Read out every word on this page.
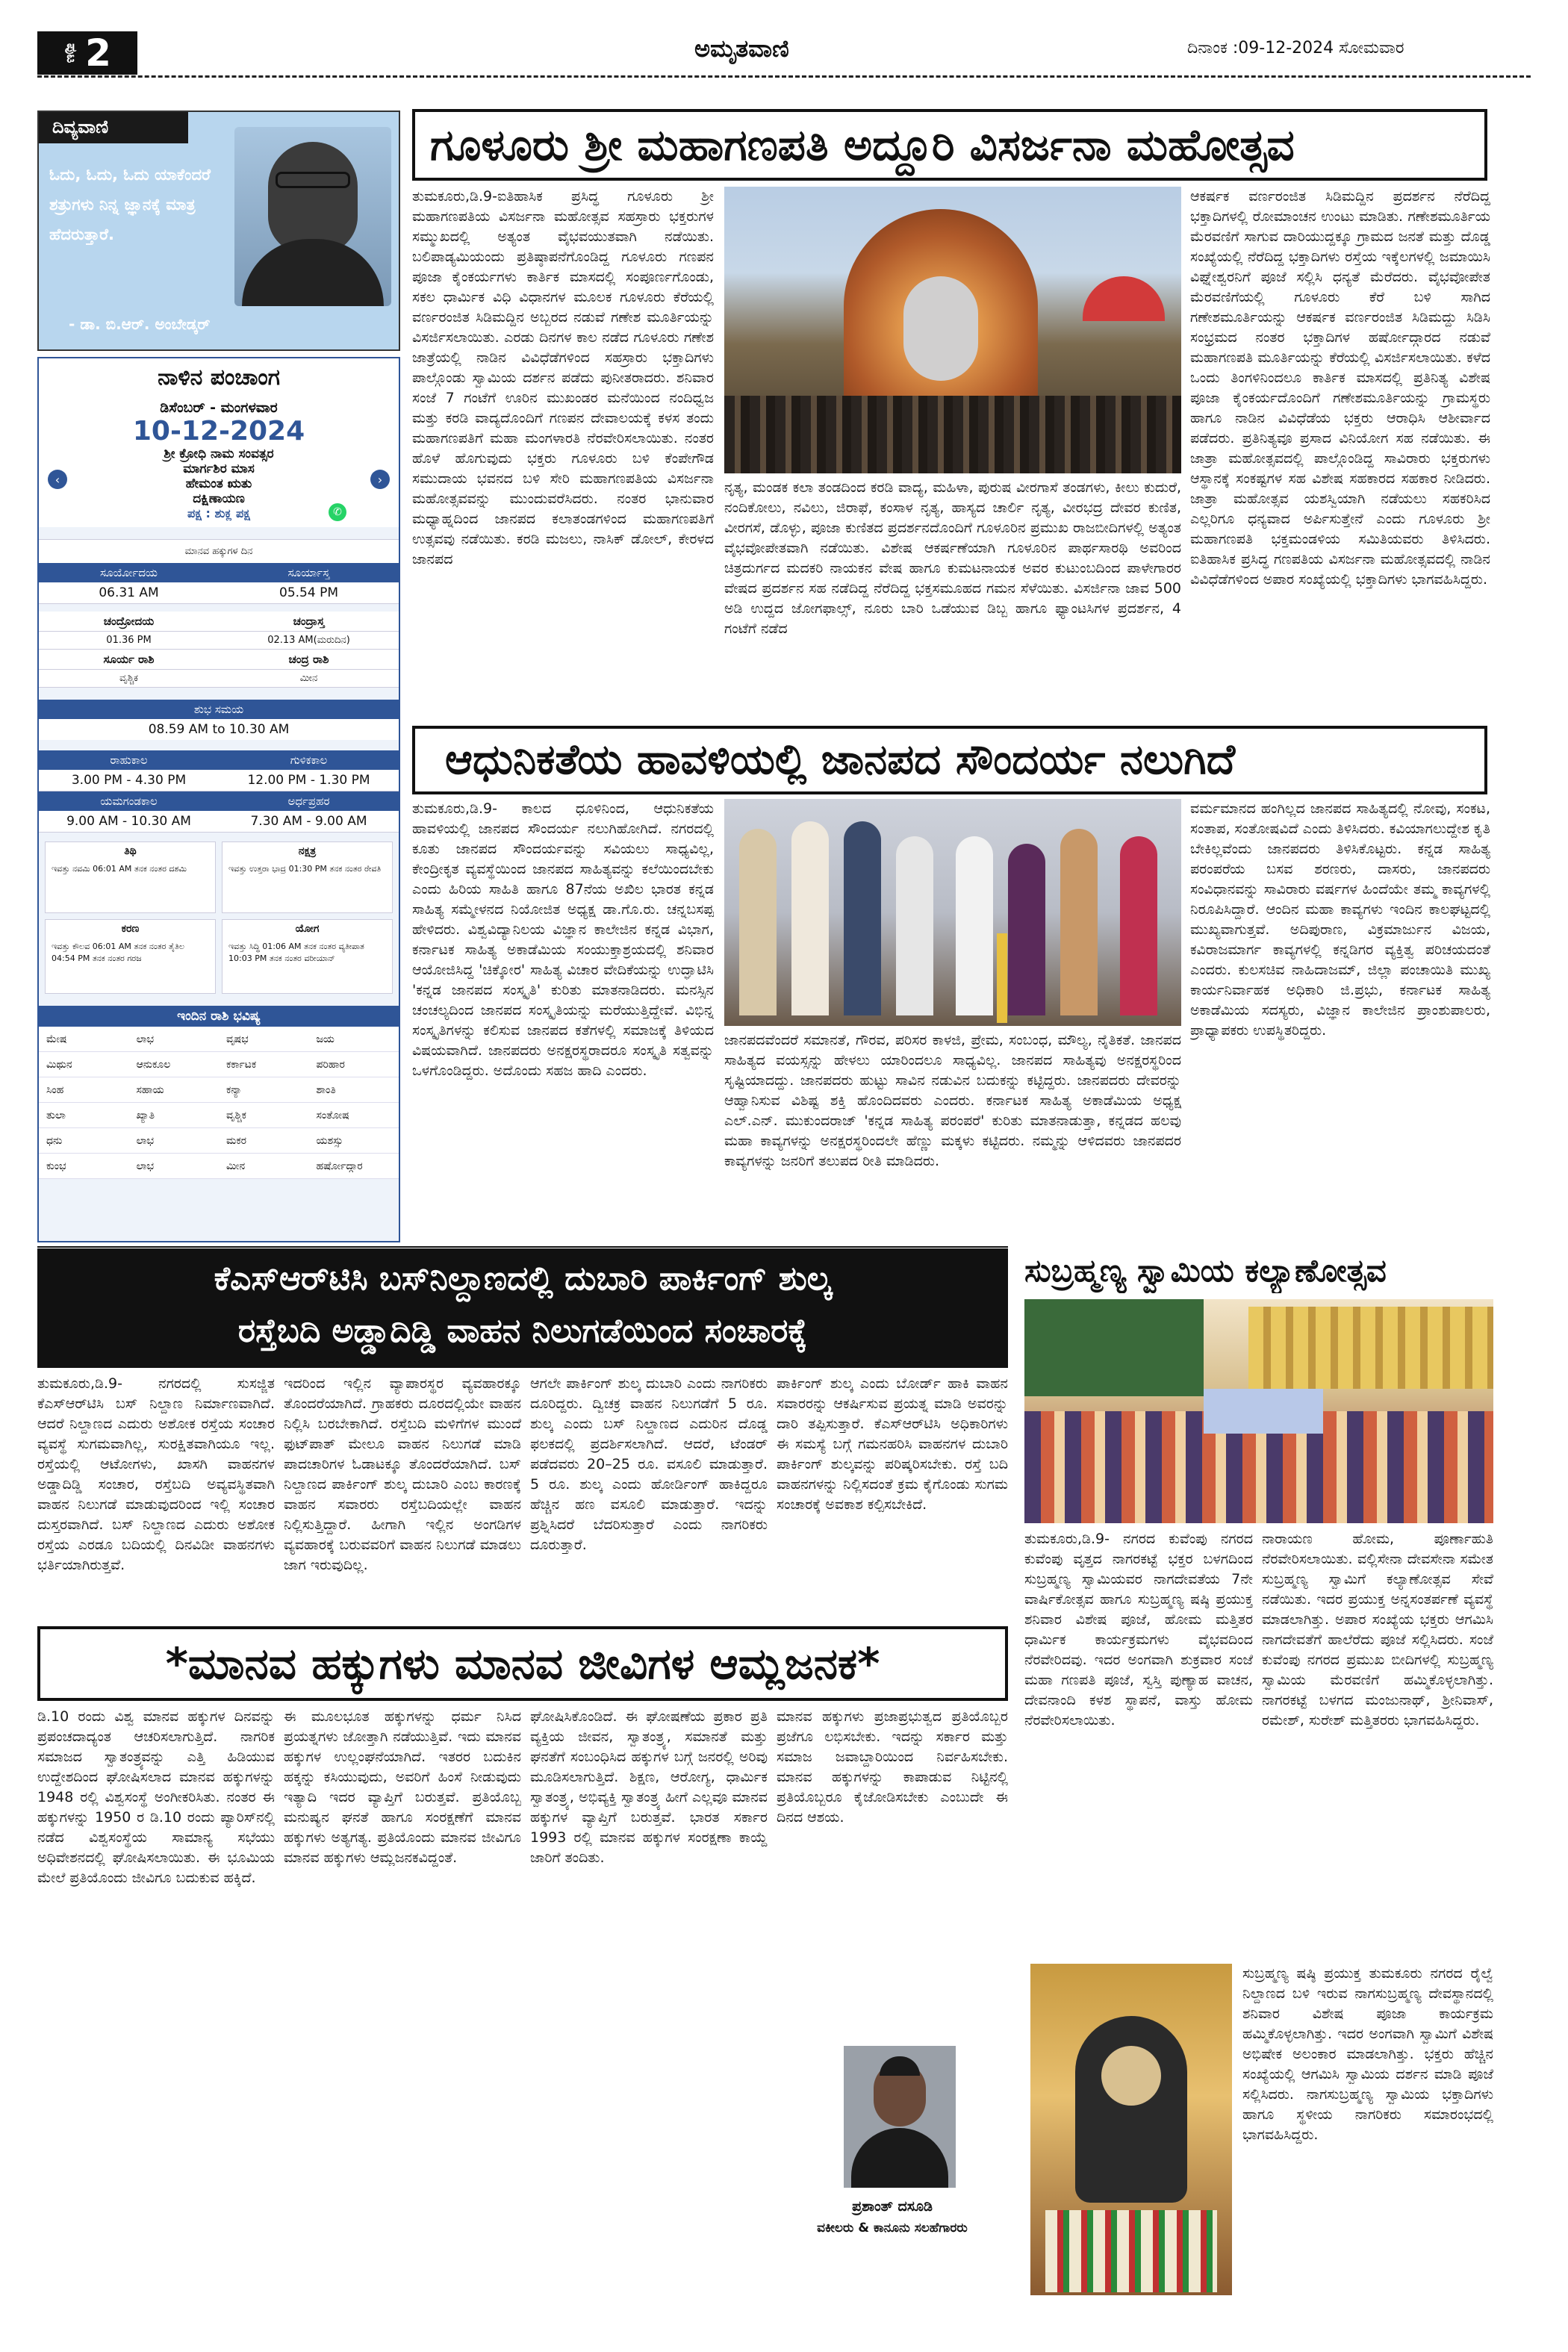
ಪುಟ 2	ಅಮೃತವಾಣಿ	ದಿನಾಂಕ :09-12-2024 ಸೋಮವಾರ
ದಿವ್ಯವಾಣಿ
ಓದು, ಓದು, ಓದು ಯಾಕೆಂದರೆ ಶತ್ರುಗಳು ನಿನ್ನ ಜ್ಞಾನಕ್ಕೆ ಮಾತ್ರ ಹೆದರುತ್ತಾರೆ.
- ಡಾ. ಬಿ.ಆರ್. ಅಂಬೇಡ್ಕರ್
ನಾಳಿನ ಪಂಚಾಂಗ
ಡಿಸೆಂಬರ್ - ಮಂಗಳವಾರ
10-12-2024
‹	›
ಶ್ರೀ ಕ್ರೋಧಿ ನಾಮ ಸಂವತ್ಸರ
ಮಾರ್ಗಶಿರ ಮಾಸ
ಹೇಮಂತ ಋತು
ದಕ್ಷಿಣಾಯಣ
ಪಕ್ಷ : ಶುಕ್ಲ ಪಕ್ಷ	✆
ಮಾನವ ಹಕ್ಕುಗಳ ದಿನ
ಸೂರ್ಯೋದಯ	ಸೂರ್ಯಾಸ್ತ
06.31 AM	05.54 PM
ಚಂದ್ರೋದಯ	ಚಂದ್ರಾಸ್ತ
01.36 PM	02.13 AM(ಮರುದಿನ)
ಸೂರ್ಯ ರಾಶಿ	ಚಂದ್ರ ರಾಶಿ
ವೃಶ್ಚಿಕ	ಮೀನ
ಶುಭ ಸಮಯ
08.59 AM to 10.30 AM
ರಾಹುಕಾಲ	ಗುಳಿಕಕಾಲ
3.00 PM - 4.30 PM	12.00 PM - 1.30 PM
ಯಮಗಂಡಕಾಲ	ಅರ್ಧಪ್ರಹರ
9.00 AM - 10.30 AM	7.30 AM - 9.00 AM
ತಿಥಿ
ಇವತ್ತು ನವಮಿ 06:01 AM ತನಕ ನಂತರ ದಶಮಿ
ನಕ್ಷತ್ರ
ಇವತ್ತು ಉತ್ತರಾ ಭಾದ್ರ 01:30 PM ತನಕ ನಂತರ ರೇವತಿ
ಕರಣ
ಇವತ್ತು ಕೌಲವ 06:01 AM ತನಕ ನಂತರ ತೈತಿಲ 04:54 PM ತನಕ ನಂತರ ಗರಜ
ಯೋಗ
ಇವತ್ತು ಸಿದ್ಧಿ 01:06 AM ತನಕ ನಂತರ ವ್ಯತೀಪಾತ 10:03 PM ತನಕ ನಂತರ ವರೀಯಾನ್
ಇಂದಿನ ರಾಶಿ ಭವಿಷ್ಯ
ಮೇಷ	ಲಾಭ	ವೃಷಭ	ಜಯ
ಮಿಥುನ	ಆನುಕೂಲ	ಕರ್ಕಾಟಕ	ಪರಿಹಾರ
ಸಿಂಹ	ಸಹಾಯ	ಕನ್ಯಾ	ಶಾಂತಿ
ತುಲಾ	ಖ್ಯಾತಿ	ವೃಶ್ಚಿಕ	ಸಂತೋಷ
ಧನು	ಲಾಭ	ಮಕರ	ಯಶಸ್ಸು
ಕುಂಭ	ಲಾಭ	ಮೀನ	ಹರ್ಷೋದ್ಗಾರ
ಗೂಳೂರು ಶ್ರೀ ಮಹಾಗಣಪತಿ ಅದ್ದೂರಿ ವಿಸರ್ಜನಾ ಮಹೋತ್ಸವ
ತುಮಕೂರು,ಡಿ.9-ಐತಿಹಾಸಿಕ ಪ್ರಸಿದ್ಧ ಗೂಳೂರು ಶ್ರೀ ಮಹಾಗಣಪತಿಯ ವಿಸರ್ಜನಾ ಮಹೋತ್ಸವ ಸಹಸ್ರಾರು ಭಕ್ತರುಗಳ ಸಮ್ಮುಖದಲ್ಲಿ ಅತ್ಯಂತ ವೈಭವಯುತವಾಗಿ ನಡೆಯಿತು. ಬಲಿಪಾಡ್ಯಮಿಯಂದು ಪ್ರತಿಷ್ಠಾಪನೆಗೊಂಡಿದ್ದ ಗೂಳೂರು ಗಣಪನ ಪೂಜಾ ಕೈಂಕರ್ಯಗಳು ಕಾರ್ತಿಕ ಮಾಸದಲ್ಲಿ ಸಂಪೂರ್ಣಗೊಂಡು, ಸಕಲ ಧಾರ್ಮಿಕ ವಿಧಿ ವಿಧಾನಗಳ ಮೂಲಕ ಗೂಳೂರು ಕೆರೆಯಲ್ಲಿ ವರ್ಣರಂಜಿತ ಸಿಡಿಮದ್ದಿನ ಅಬ್ಬರದ ನಡುವೆ ಗಣೇಶ ಮೂರ್ತಿಯನ್ನು ವಿಸರ್ಜಿಸಲಾಯಿತು. ಎರಡು ದಿನಗಳ ಕಾಲ ನಡೆದ ಗೂಳೂರು ಗಣೇಶ ಜಾತ್ರೆಯಲ್ಲಿ ನಾಡಿನ ವಿವಿಧೆಡೆಗಳಿಂದ ಸಹಸ್ರಾರು ಭಕ್ತಾದಿಗಳು ಪಾಲ್ಗೊಂಡು ಸ್ವಾಮಿಯ ದರ್ಶನ ಪಡೆದು ಪುನೀತರಾದರು. ಶನಿವಾರ ಸಂಜೆ 7 ಗಂಟೆಗೆ ಊರಿನ ಮುಖಂಡರ ಮನೆಯಿಂದ ನಂದಿಧ್ವಜ ಮತ್ತು ಕರಡಿ ವಾದ್ಯದೊಂದಿಗೆ ಗಣಪನ ದೇವಾಲಯಕ್ಕೆ ಕಳಸ ತಂದು ಮಹಾಗಣಪತಿಗೆ ಮಹಾ ಮಂಗಳಾರತಿ ನೆರವೇರಿಸಲಾಯಿತು. ನಂತರ ಹೊಳೆ ಹೊಗುವುದು ಭಕ್ತರು ಗೂಳೂರು ಬಳಿ ಕೆಂಪೇಗೌಡ ಸಮುದಾಯ ಭವನದ ಬಳಿ ಸೇರಿ ಮಹಾಗಣಪತಿಯ ವಿಸರ್ಜನಾ ಮಹೋತ್ಸವವನ್ನು ಮುಂದುವರೆಸಿದರು. ನಂತರ ಭಾನುವಾರ ಮಧ್ಯಾಹ್ನದಿಂದ ಜಾನಪದ ಕಲಾತಂಡಗಳಿಂದ ಮಹಾಗಣಪತಿಗೆ ಉತ್ಸವವು ನಡೆಯಿತು. ಕರಡಿ ಮಜಲು, ನಾಸಿಕ್ ಡೋಲ್, ಕೇರಳದ ಜಾನಪದ
ನೃತ್ಯ, ಮಂಡಕ ಕಲಾ ತಂಡದಿಂದ ಕರಡಿ ವಾದ್ಯ, ಮಹಿಳಾ, ಪುರುಷ ವೀರಗಾಸೆ ತಂಡಗಳು, ಕೀಲು ಕುದುರೆ, ನಂದಿಕೋಲು, ನವಿಲು, ಜಿರಾಫೆ, ಕಂಸಾಳ ನೃತ್ಯ, ಹಾಸ್ಯದ ಚಾರ್ಲಿ ನೃತ್ಯ, ವೀರಭದ್ರ ದೇವರ ಕುಣಿತ, ವೀರಗಸೆ, ಡೊಳ್ಳು, ಪೂಜಾ ಕುಣಿತದ ಪ್ರದರ್ಶನದೊಂದಿಗೆ ಗೂಳೂರಿನ ಪ್ರಮುಖ ರಾಜಬೀದಿಗಳಲ್ಲಿ ಅತ್ಯಂತ ವೈಭವೋಪೇತವಾಗಿ ನಡೆಯಿತು. ವಿಶೇಷ ಆಕರ್ಷಣೆಯಾಗಿ ಗೂಳೂರಿನ ಪಾರ್ಥಸಾರಥಿ ಅವರಿಂದ ಚಿತ್ರದುರ್ಗದ ಮದಕರಿ ನಾಯಕನ ವೇಷ ಹಾಗೂ ಕುಮಟನಾಯಕ ಅವರ ಕುಟುಂಬದಿಂದ ಪಾಳೇಗಾರರ ವೇಷದ ಪ್ರದರ್ಶನ ಸಹ ನಡೆದಿದ್ದ ನೆರೆದಿದ್ದ ಭಕ್ತಸಮೂಹದ ಗಮನ ಸೆಳೆಯಿತು. ವಿಸರ್ಜಿನಾ ಜಾವ 500 ಅಡಿ ಉದ್ದದ ಜೋಗಫಾಲ್ಸ್, ನೂರು ಬಾರಿ ಒಡೆಯುವ ಡಿಬ್ಬ ಹಾಗೂ ಫ್ಯಾಂಟಸಿಗಳ ಪ್ರದರ್ಶನ, 4 ಗಂಟೆಗೆ ನಡೆದ
ಆಕರ್ಷಕ ವರ್ಣರಂಜಿತ ಸಿಡಿಮದ್ದಿನ ಪ್ರದರ್ಶನ ನೆರೆದಿದ್ದ ಭಕ್ತಾದಿಗಳಲ್ಲಿ ರೋಮಾಂಚನ ಉಂಟು ಮಾಡಿತು. ಗಣೇಶಮೂರ್ತಿಯ ಮೆರವಣಿಗೆ ಸಾಗುವ ದಾರಿಯುದ್ದಕ್ಕೂ ಗ್ರಾಮದ ಜನತೆ ಮತ್ತು ದೊಡ್ಡ ಸಂಖ್ಯೆಯಲ್ಲಿ ನೆರೆದಿದ್ದ ಭಕ್ತಾದಿಗಳು ರಸ್ತೆಯ ಇಕ್ಕೆಲಗಳಲ್ಲಿ ಜಮಾಯಿಸಿ ವಿಘ್ನೇಶ್ವರನಿಗೆ ಪೂಜೆ ಸಲ್ಲಿಸಿ ಧನ್ಯತೆ ಮೆರೆದರು. ವೈಭವೋಪೇತ ಮೆರವಣಿಗೆಯಲ್ಲಿ ಗೂಳೂರು ಕೆರೆ ಬಳಿ ಸಾಗಿದ ಗಣೇಶಮೂರ್ತಿಯನ್ನು ಆಕರ್ಷಕ ವರ್ಣರಂಜಿತ ಸಿಡಿಮದ್ದು ಸಿಡಿಸಿ ಸಂಭ್ರಮದ ನಂತರ ಭಕ್ತಾದಿಗಳ ಹರ್ಷೋದ್ಗಾರದ ನಡುವೆ ಮಹಾಗಣಪತಿ ಮೂರ್ತಿಯನ್ನು ಕೆರೆಯಲ್ಲಿ ವಿಸರ್ಜಿಸಲಾಯಿತು. ಕಳೆದ ಒಂದು ತಿಂಗಳಿನಿಂದಲೂ ಕಾರ್ತಿಕ ಮಾಸದಲ್ಲಿ ಪ್ರತಿನಿತ್ಯ ವಿಶೇಷ ಪೂಜಾ ಕೈಂಕರ್ಯದೊಂದಿಗೆ ಗಣೇಶಮೂರ್ತಿಯನ್ನು ಗ್ರಾಮಸ್ಥರು ಹಾಗೂ ನಾಡಿನ ವಿವಿಧೆಡೆಯ ಭಕ್ತರು ಆರಾಧಿಸಿ ಆಶೀರ್ವಾದ ಪಡೆದರು. ಪ್ರತಿನಿತ್ಯವೂ ಪ್ರಸಾದ ವಿನಿಯೋಗ ಸಹ ನಡೆಯಿತು. ಈ ಜಾತ್ರಾ ಮಹೋತ್ಸವದಲ್ಲಿ ಪಾಲ್ಗೊಂಡಿದ್ದ ಸಾವಿರಾರು ಭಕ್ತರುಗಳು ಆಸ್ಥಾನಕ್ಕೆ ಸಂಕಷ್ಟಗಳ ಸಹ ವಿಶೇಷ ಸಹಕಾರದ ಸಹಕಾರ ನೀಡಿದರು. ಜಾತ್ರಾ ಮಹೋತ್ಸವ ಯಶಸ್ವಿಯಾಗಿ ನಡೆಯಲು ಸಹಕರಿಸಿದ ಎಲ್ಲರಿಗೂ ಧನ್ಯವಾದ ಅರ್ಪಿಸುತ್ತೇನೆ ಎಂದು ಗೂಳೂರು ಶ್ರೀ ಮಹಾಗಣಪತಿ ಭಕ್ತಮಂಡಳಿಯ ಸಮಿತಿಯವರು ತಿಳಿಸಿದರು. ಐತಿಹಾಸಿಕ ಪ್ರಸಿದ್ಧ ಗಣಪತಿಯ ವಿಸರ್ಜನಾ ಮಹೋತ್ಸವದಲ್ಲಿ ನಾಡಿನ ವಿವಿಧೆಡೆಗಳಿಂದ ಅಪಾರ ಸಂಖ್ಯೆಯಲ್ಲಿ ಭಕ್ತಾದಿಗಳು ಭಾಗವಹಿಸಿದ್ದರು.
ಆಧುನಿಕತೆಯ ಹಾವಳಿಯಲ್ಲಿ ಜಾನಪದ ಸೌಂದರ್ಯ ನಲುಗಿದೆ
ತುಮಕೂರು,ಡಿ.9- ಕಾಲದ ಧೂಳಿನಿಂದ, ಆಧುನಿಕತೆಯ ಹಾವಳಿಯಲ್ಲಿ ಜಾನಪದ ಸೌಂದರ್ಯ ನಲುಗಿಹೋಗಿದೆ. ನಗರದಲ್ಲಿ ಕೂತು ಜಾನಪದ ಸೌಂದರ್ಯವನ್ನು ಸವಿಯಲು ಸಾಧ್ಯವಿಲ್ಲ, ಕೇಂದ್ರೀಕೃತ ವ್ಯವಸ್ಥೆಯಿಂದ ಜಾನಪದ ಸಾಹಿತ್ಯವನ್ನು ಕಲೆಯಿಂದಬೇಕು ಎಂದು ಹಿರಿಯ ಸಾಹಿತಿ ಹಾಗೂ 87ನೆಯ ಅಖಿಲ ಭಾರತ ಕನ್ನಡ ಸಾಹಿತ್ಯ ಸಮ್ಮೇಳನದ ನಿಯೋಜಿತ ಅಧ್ಯಕ್ಷ ಡಾ.ಗೊ.ರು. ಚನ್ನಬಸಪ್ಪ ಹೇಳಿದರು. ವಿಶ್ವವಿದ್ಯಾನಿಲಯ ವಿಜ್ಞಾನ ಕಾಲೇಜಿನ ಕನ್ನಡ ವಿಭಾಗ, ಕರ್ನಾಟಕ ಸಾಹಿತ್ಯ ಅಕಾಡೆಮಿಯ ಸಂಯುಕ್ತಾಶ್ರಯದಲ್ಲಿ ಶನಿವಾರ ಆಯೋಜಿಸಿದ್ದ 'ಚಿಕ್ಕೋರ' ಸಾಹಿತ್ಯ ವಿಚಾರ ವೇದಿಕೆಯನ್ನು ಉದ್ಘಾಟಿಸಿ 'ಕನ್ನಡ ಜಾನಪದ ಸಂಸ್ಕೃತಿ' ಕುರಿತು ಮಾತನಾಡಿದರು. ಮನಸ್ಸಿನ ಚಂಚಲ್ಯದಿಂದ ಜಾನಪದ ಸಂಸ್ಕೃತಿಯನ್ನು ಮರೆಯುತ್ತಿದ್ದೇವೆ. ವಿಭಿನ್ನ ಸಂಸ್ಕೃತಿಗಳನ್ನು ಕಲಿಸುವ ಜಾನಪದ ಕತೆಗಳಲ್ಲಿ ಸಮಾಜಕ್ಕೆ ತಿಳಿಯದ ವಿಷಯವಾಗಿದೆ. ಜಾನಪದರು ಅನಕ್ಷರಸ್ಥರಾದರೂ ಸಂಸ್ಕೃತಿ ಸತ್ವವನ್ನು ಒಳಗೊಂಡಿದ್ದರು. ಅದೊಂದು ಸಹಜ ಹಾದಿ ಎಂದರು.
ಜಾನಪದವೆಂದರೆ ಸಮಾನತೆ, ಗೌರವ, ಪರಿಸರ ಕಾಳಜಿ, ಪ್ರೇಮ, ಸಂಬಂಧ, ಮೌಲ್ಯ, ನೈತಿಕತೆ. ಜಾನಪದ ಸಾಹಿತ್ಯದ ವಯಸ್ಸನ್ನು ಹೇಳಲು ಯಾರಿಂದಲೂ ಸಾಧ್ಯವಿಲ್ಲ. ಜಾನಪದ ಸಾಹಿತ್ಯವು ಅನಕ್ಷರಸ್ಥರಿಂದ ಸೃಷ್ಟಿಯಾದದ್ದು. ಜಾನಪದರು ಹುಟ್ಟು ಸಾವಿನ ನಡುವಿನ ಬದುಕನ್ನು ಕಟ್ಟಿದ್ದರು. ಜಾನಪದರು ದೇವರನ್ನು ಆಹ್ವಾನಿಸುವ ವಿಶಿಷ್ಟ ಶಕ್ತಿ ಹೊಂದಿದವರು ಎಂದರು. ಕರ್ನಾಟಕ ಸಾಹಿತ್ಯ ಅಕಾಡೆಮಿಯ ಅಧ್ಯಕ್ಷ ಎಲ್.ಎನ್. ಮುಕುಂದರಾಜ್ 'ಕನ್ನಡ ಸಾಹಿತ್ಯ ಪರಂಪರೆ' ಕುರಿತು ಮಾತನಾಡುತ್ತಾ, ಕನ್ನಡದ ಹಲವು ಮಹಾ ಕಾವ್ಯಗಳನ್ನು ಅನಕ್ಷರಸ್ಥರಿಂದಲೇ ಹೆಣ್ಣು ಮಕ್ಕಳು ಕಟ್ಟಿದರು. ನಮ್ಮನ್ನು ಆಳಿದವರು ಜಾನಪದರ ಕಾವ್ಯಗಳನ್ನು ಜನರಿಗೆ ತಲುಪದ ರೀತಿ ಮಾಡಿದರು.
ವರ್ಮಮಾನದ ಹಂಗಿಲ್ಲದ ಜಾನಪದ ಸಾಹಿತ್ಯದಲ್ಲಿ ನೋವು, ಸಂಕಟ, ಸಂತಾಪ, ಸಂತೋಷವಿದೆ ಎಂದು ತಿಳಿಸಿದರು. ಕವಿಯಾಗಲುದ್ದೇಶ ಕೃತಿ ಬೇಕಿಲ್ಲವೆಂದು ಜಾನಪದರು ತಿಳಿಸಿಕೊಟ್ಟರು. ಕನ್ನಡ ಸಾಹಿತ್ಯ ಪರಂಪರೆಯ ಬಸವ ಶರಣರು, ದಾಸರು, ಜಾನಪದರು ಸಂವಿಧಾನವನ್ನು ಸಾವಿರಾರು ವರ್ಷಗಳ ಹಿಂದೆಯೇ ತಮ್ಮ ಕಾವ್ಯಗಳಲ್ಲಿ ನಿರೂಪಿಸಿದ್ದಾರೆ. ಆಂದಿನ ಮಹಾ ಕಾವ್ಯಗಳು ಇಂದಿನ ಕಾಲಘಟ್ಟದಲ್ಲಿ ಮುಖ್ಯವಾಗುತ್ತವೆ. ಅದಿಪುರಾಣ, ವಿಕ್ರಮಾರ್ಜುನ ವಿಜಯ, ಕವಿರಾಜಮಾರ್ಗ ಕಾವ್ಯಗಳಲ್ಲಿ ಕನ್ನಡಿಗರ ವ್ಯಕ್ತಿತ್ವ ಪರಿಚಯದಂತೆ ಎಂದರು. ಕುಲಸಚಿವ ನಾಹಿದಾಜಮ್, ಜಿಲ್ಲಾ ಪಂಚಾಯಿತಿ ಮುಖ್ಯ ಕಾರ್ಯನಿರ್ವಾಹಕ ಅಧಿಕಾರಿ ಜಿ.ಪ್ರಭು, ಕರ್ನಾಟಕ ಸಾಹಿತ್ಯ ಅಕಾಡೆಮಿಯ ಸದಸ್ಯರು, ವಿಜ್ಞಾನ ಕಾಲೇಜಿನ ಪ್ರಾಂಶುಪಾಲರು, ಪ್ರಾಧ್ಯಾಪಕರು ಉಪಸ್ಥಿತರಿದ್ದರು.
ಕೆಎಸ್‌ಆರ್‌ಟಿಸಿ ಬಸ್‌ನಿಲ್ದಾಣದಲ್ಲಿ ದುಬಾರಿ ಪಾರ್ಕಿಂಗ್ ಶುಲ್ಕ
ರಸ್ತೆಬದಿ ಅಡ್ಡಾದಿಡ್ಡಿ ವಾಹನ ನಿಲುಗಡೆಯಿಂದ ಸಂಚಾರಕ್ಕೆ
ತುಮಕೂರು,ಡಿ.9- ನಗರದಲ್ಲಿ ಸುಸಜ್ಜಿತ ಕೆಎಸ್‌ಆರ್‌ಟಿಸಿ ಬಸ್ ನಿಲ್ದಾಣ ನಿರ್ಮಾಣವಾಗಿದೆ. ಆದರೆ ನಿಲ್ದಾಣದ ಎದುರು ಅಶೋಕ ರಸ್ತೆಯ ಸಂಚಾರ ವ್ಯವಸ್ಥೆ ಸುಗಮವಾಗಿಲ್ಲ, ಸುರಕ್ಷಿತವಾಗಿಯೂ ಇಲ್ಲ. ರಸ್ತೆಯಲ್ಲಿ ಆಟೋಗಳು, ಖಾಸಗಿ ವಾಹನಗಳ ಅಡ್ಡಾದಿಡ್ಡಿ ಸಂಚಾರ, ರಸ್ತೆಬದಿ ಅವ್ಯವಸ್ಥಿತವಾಗಿ ವಾಹನ ನಿಲುಗಡೆ ಮಾಡುವುದರಿಂದ ಇಲ್ಲಿ ಸಂಚಾರ ದುಸ್ತರವಾಗಿದೆ. ಬಸ್ ನಿಲ್ದಾಣದ ಎದುರು ಅಶೋಕ ರಸ್ತೆಯ ಎರಡೂ ಬದಿಯಲ್ಲಿ ದಿನವಿಡೀ ವಾಹನಗಳು ಭರ್ತಿಯಾಗಿರುತ್ತವೆ.
ಇದರಿಂದ ಇಲ್ಲಿನ ವ್ಯಾಪಾರಸ್ಥರ ವ್ಯವಹಾರಕ್ಕೂ ತೊಂದರೆಯಾಗಿದೆ. ಗ್ರಾಹಕರು ದೂರದಲ್ಲಿಯೇ ವಾಹನ ನಿಲ್ಲಿಸಿ ಬರಬೇಕಾಗಿದೆ. ರಸ್ತೆಬದಿ ಮಳಿಗೆಗಳ ಮುಂದೆ ಫುಟ್‌ಪಾತ್ ಮೇಲೂ ವಾಹನ ನಿಲುಗಡೆ ಮಾಡಿ ಪಾದಚಾರಿಗಳ ಓಡಾಟಕ್ಕೂ ತೊಂದರೆಯಾಗಿದೆ. ಬಸ್ ನಿಲ್ದಾಣದ ಪಾರ್ಕಿಂಗ್ ಶುಲ್ಕ ದುಬಾರಿ ಎಂಬ ಕಾರಣಕ್ಕೆ ವಾಹನ ಸವಾರರು ರಸ್ತೆಬದಿಯಲ್ಲೇ ವಾಹನ ನಿಲ್ಲಿಸುತ್ತಿದ್ದಾರೆ. ಹೀಗಾಗಿ ಇಲ್ಲಿನ ಅಂಗಡಿಗಳ ವ್ಯವಹಾರಕ್ಕೆ ಬರುವವರಿಗೆ ವಾಹನ ನಿಲುಗಡೆ ಮಾಡಲು ಜಾಗ ಇರುವುದಿಲ್ಲ.
ಆಗಲೇ ಪಾರ್ಕಿಂಗ್ ಶುಲ್ಕ ದುಬಾರಿ ಎಂದು ನಾಗರಿಕರು ದೂರಿದ್ದರು. ದ್ವಿಚಕ್ರ ವಾಹನ ನಿಲುಗಡೆಗೆ 5 ರೂ. ಶುಲ್ಕ ಎಂದು ಬಸ್ ನಿಲ್ದಾಣದ ಎದುರಿನ ದೊಡ್ಡ ಫಲಕದಲ್ಲಿ ಪ್ರದರ್ಶಿಸಲಾಗಿದೆ. ಆದರೆ, ಟೆಂಡರ್ ಪಡೆದವರು 20–25 ರೂ. ವಸೂಲಿ ಮಾಡುತ್ತಾರೆ. 5 ರೂ. ಶುಲ್ಕ ಎಂದು ಹೋರ್ಡಿಂಗ್ ಹಾಕಿದ್ದರೂ ಹೆಚ್ಚಿನ ಹಣ ವಸೂಲಿ ಮಾಡುತ್ತಾರೆ. ಇದನ್ನು ಪ್ರಶ್ನಿಸಿದರೆ ಬೆದರಿಸುತ್ತಾರೆ ಎಂದು ನಾಗರಿಕರು ದೂರುತ್ತಾರೆ.
ಪಾರ್ಕಿಂಗ್ ಶುಲ್ಕ ಎಂದು ಬೋರ್ಡ್ ಹಾಕಿ ವಾಹನ ಸವಾರರನ್ನು ಆಕರ್ಷಿಸುವ ಪ್ರಯತ್ನ ಮಾಡಿ ಅವರನ್ನು ದಾರಿ ತಪ್ಪಿಸುತ್ತಾರೆ. ಕೆಎಸ್‌ಆರ್‌ಟಿಸಿ ಅಧಿಕಾರಿಗಳು ಈ ಸಮಸ್ಯೆ ಬಗ್ಗೆ ಗಮನಹರಿಸಿ ವಾಹನಗಳ ದುಬಾರಿ ಪಾರ್ಕಿಂಗ್ ಶುಲ್ಕವನ್ನು ಪರಿಷ್ಕರಿಸಬೇಕು. ರಸ್ತೆ ಬದಿ ವಾಹನಗಳನ್ನು ನಿಲ್ಲಿಸದಂತೆ ಕ್ರಮ ಕೈಗೊಂಡು ಸುಗಮ ಸಂಚಾರಕ್ಕೆ ಅವಕಾಶ ಕಲ್ಪಿಸಬೇಕಿದೆ.
ಸುಬ್ರಹ್ಮಣ್ಯ ಸ್ವಾಮಿಯ ಕಲ್ಯಾಣೋತ್ಸವ
ತುಮಕೂರು,ಡಿ.9- ನಗರದ ಕುವೆಂಪು ನಗರದ ಕುವೆಂಪು ವೃತ್ತದ ನಾಗರಕಟ್ಟೆ ಭಕ್ತರ ಬಳಗದಿಂದ ಸುಬ್ರಹ್ಮಣ್ಯ ಸ್ವಾಮಿಯವರ ನಾಗದೇವತೆಯ 7ನೇ ವಾರ್ಷಿಕೋತ್ಸವ ಹಾಗೂ ಸುಬ್ರಹ್ಮಣ್ಯ ಷಷ್ಠಿ ಪ್ರಯುಕ್ತ ಶನಿವಾರ ವಿಶೇಷ ಪೂಜೆ, ಹೋಮ ಮತ್ತಿತರ ಧಾರ್ಮಿಕ ಕಾರ್ಯಕ್ರಮಗಳು ವೈಭವದಿಂದ ನೆರವೇರಿದವು. ಇದರ ಅಂಗವಾಗಿ ಶುಕ್ರವಾರ ಸಂಜೆ ಮಹಾ ಗಣಪತಿ ಪೂಜೆ, ಸ್ವಸ್ತಿ ಪುಣ್ಯಾಹ ವಾಚನ, ದೇವನಾಂದಿ ಕಳಶ ಸ್ಥಾಪನೆ, ವಾಸ್ತು ಹೋಮ ನೆರವೇರಿಸಲಾಯಿತು.
ನಾರಾಯಣ ಹೋಮ, ಪೂರ್ಣಾಹುತಿ ನೆರವೇರಿಸಲಾಯಿತು. ವಲ್ಲಿಸೇನಾ ದೇವಸೇನಾ ಸಮೇತ ಸುಬ್ರಹ್ಮಣ್ಯ ಸ್ವಾಮಿಗೆ ಕಲ್ಯಾಣೋತ್ಸವ ಸೇವೆ ನಡೆಯಿತು. ಇದರ ಪ್ರಯುಕ್ತ ಅನ್ನಸಂತರ್ಪಣೆ ವ್ಯವಸ್ಥೆ ಮಾಡಲಾಗಿತ್ತು. ಅಪಾರ ಸಂಖ್ಯೆಯ ಭಕ್ತರು ಆಗಮಿಸಿ ನಾಗದೇವತೆಗೆ ಹಾಲೆರೆದು ಪೂಜೆ ಸಲ್ಲಿಸಿದರು. ಸಂಜೆ ಕುವೆಂಪು ನಗರದ ಪ್ರಮುಖ ಬೀದಿಗಳಲ್ಲಿ ಸುಬ್ರಹ್ಮಣ್ಯ ಸ್ವಾಮಿಯ ಮೆರವಣಿಗೆ ಹಮ್ಮಿಕೊಳ್ಳಲಾಗಿತ್ತು. ನಾಗರಕಟ್ಟೆ ಬಳಗದ ಮಂಜುನಾಥ್, ಶ್ರೀನಿವಾಸ್, ರಮೇಶ್, ಸುರೇಶ್ ಮತ್ತಿತರರು ಭಾಗವಹಿಸಿದ್ದರು.
ಸುಬ್ರಹ್ಮಣ್ಯ ಷಷ್ಠಿ ಪ್ರಯುಕ್ತ ತುಮಕೂರು ನಗರದ ರೈಲ್ವೆ ನಿಲ್ದಾಣದ ಬಳಿ ಇರುವ ನಾಗಸುಬ್ರಹ್ಮಣ್ಯ ದೇವಸ್ಥಾನದಲ್ಲಿ ಶನಿವಾರ ವಿಶೇಷ ಪೂಜಾ ಕಾರ್ಯಕ್ರಮ ಹಮ್ಮಿಕೊಳ್ಳಲಾಗಿತ್ತು. ಇದರ ಅಂಗವಾಗಿ ಸ್ವಾಮಿಗೆ ವಿಶೇಷ ಅಭಿಷೇಕ ಅಲಂಕಾರ ಮಾಡಲಾಗಿತ್ತು. ಭಕ್ತರು ಹೆಚ್ಚಿನ ಸಂಖ್ಯೆಯಲ್ಲಿ ಆಗಮಿಸಿ ಸ್ವಾಮಿಯ ದರ್ಶನ ಮಾಡಿ ಪೂಜೆ ಸಲ್ಲಿಸಿದರು. ನಾಗಸುಬ್ರಹ್ಮಣ್ಯ ಸ್ವಾಮಿಯ ಭಕ್ತಾದಿಗಳು ಹಾಗೂ ಸ್ಥಳೀಯ ನಾಗರಿಕರು ಸಮಾರಂಭದಲ್ಲಿ ಭಾಗವಹಿಸಿದ್ದರು.
*ಮಾನವ ಹಕ್ಕುಗಳು ಮಾನವ ಜೀವಿಗಳ ಆಮ್ಲಜನಕ*
ಡಿ.10 ರಂದು ವಿಶ್ವ ಮಾನವ ಹಕ್ಕುಗಳ ದಿನವನ್ನು ಪ್ರಪಂಚದಾದ್ಯಂತ ಆಚರಿಸಲಾಗುತ್ತಿದೆ. ನಾಗರಿಕ ಸಮಾಜದ ಸ್ವಾತಂತ್ರ್ಯವನ್ನು ಎತ್ತಿ ಹಿಡಿಯುವ ಉದ್ದೇಶದಿಂದ ಘೋಷಿಸಲಾದ ಮಾನವ ಹಕ್ಕುಗಳನ್ನು 1948 ರಲ್ಲಿ ವಿಶ್ವಸಂಸ್ಥೆ ಅಂಗೀಕರಿಸಿತು. ನಂತರ ಈ ಹಕ್ಕುಗಳನ್ನು 1950 ರ ಡಿ.10 ರಂದು ಪ್ಯಾರಿಸ್‌ನಲ್ಲಿ ನಡೆದ ವಿಶ್ವಸಂಸ್ಥೆಯ ಸಾಮಾನ್ಯ ಸಭೆಯು ಅಧಿವೇಶನದಲ್ಲಿ ಘೋಷಿಸಲಾಯಿತು. ಈ ಭೂಮಿಯ ಮೇಲೆ ಪ್ರತಿಯೊಂದು ಜೀವಿಗೂ ಬದುಕುವ ಹಕ್ಕಿದೆ.
ಈ ಮೂಲಭೂತ ಹಕ್ಕುಗಳನ್ನು ಧರ್ಮ ನಿಸಿದ ಪ್ರಯತ್ನಗಳು ಜೋತ್ತಾಗಿ ನಡೆಯುತ್ತಿವೆ. ಇದು ಮಾನವ ಹಕ್ಕುಗಳ ಉಲ್ಲಂಘನೆಯಾಗಿದೆ. ಇತರರ ಬದುಕಿನ ಹಕ್ಕನ್ನು ಕಸಿಯುವುದು, ಅವರಿಗೆ ಹಿಂಸೆ ನೀಡುವುದು ಇತ್ಯಾದಿ ಇದರ ವ್ಯಾಪ್ತಿಗೆ ಬರುತ್ತವೆ. ಪ್ರತಿಯೊಬ್ಬ ಮನುಷ್ಯನ ಘನತೆ ಹಾಗೂ ಸಂರಕ್ಷಣೆಗೆ ಮಾನವ ಹಕ್ಕುಗಳು ಅತ್ಯಗತ್ಯ. ಪ್ರತಿಯೊಂದು ಮಾನವ ಜೀವಿಗೂ ಮಾನವ ಹಕ್ಕುಗಳು ಆಮ್ಲಜನಕವಿದ್ದಂತೆ.
ಘೋಷಿಸಿಕೊಂಡಿದೆ. ಈ ಘೋಷಣೆಯ ಪ್ರಕಾರ ಪ್ರತಿ ವ್ಯಕ್ತಿಯ ಜೀವನ, ಸ್ವಾತಂತ್ರ್ಯ, ಸಮಾನತೆ ಮತ್ತು ಘನತೆಗೆ ಸಂಬಂಧಿಸಿದ ಹಕ್ಕುಗಳ ಬಗ್ಗೆ ಜನರಲ್ಲಿ ಅರಿವು ಮೂಡಿಸಲಾಗುತ್ತಿದೆ. ಶಿಕ್ಷಣ, ಆರೋಗ್ಯ, ಧಾರ್ಮಿಕ ಸ್ವಾತಂತ್ರ್ಯ, ಅಭಿವ್ಯಕ್ತಿ ಸ್ವಾತಂತ್ರ್ಯ ಹೀಗೆ ಎಲ್ಲವೂ ಮಾನವ ಹಕ್ಕುಗಳ ವ್ಯಾಪ್ತಿಗೆ ಬರುತ್ತವೆ. ಭಾರತ ಸರ್ಕಾರ 1993 ರಲ್ಲಿ ಮಾನವ ಹಕ್ಕುಗಳ ಸಂರಕ್ಷಣಾ ಕಾಯ್ದೆ ಜಾರಿಗೆ ತಂದಿತು.
ಮಾನವ ಹಕ್ಕುಗಳು ಪ್ರಜಾಪ್ರಭುತ್ವದ ಪ್ರತಿಯೊಬ್ಬರ ಪ್ರಜೆಗೂ ಲಭಿಸಬೇಕು. ಇದನ್ನು ಸರ್ಕಾರ ಮತ್ತು ಸಮಾಜ ಜವಾಬ್ದಾರಿಯಿಂದ ನಿರ್ವಹಿಸಬೇಕು. ಮಾನವ ಹಕ್ಕುಗಳನ್ನು ಕಾಪಾಡುವ ನಿಟ್ಟಿನಲ್ಲಿ ಪ್ರತಿಯೊಬ್ಬರೂ ಕೈಜೋಡಿಸಬೇಕು ಎಂಬುದೇ ಈ ದಿನದ ಆಶಯ.
ಪ್ರಶಾಂತ್ ದಸೂಡಿ
ವಕೀಲರು & ಕಾನೂನು ಸಲಹೆಗಾರರು
